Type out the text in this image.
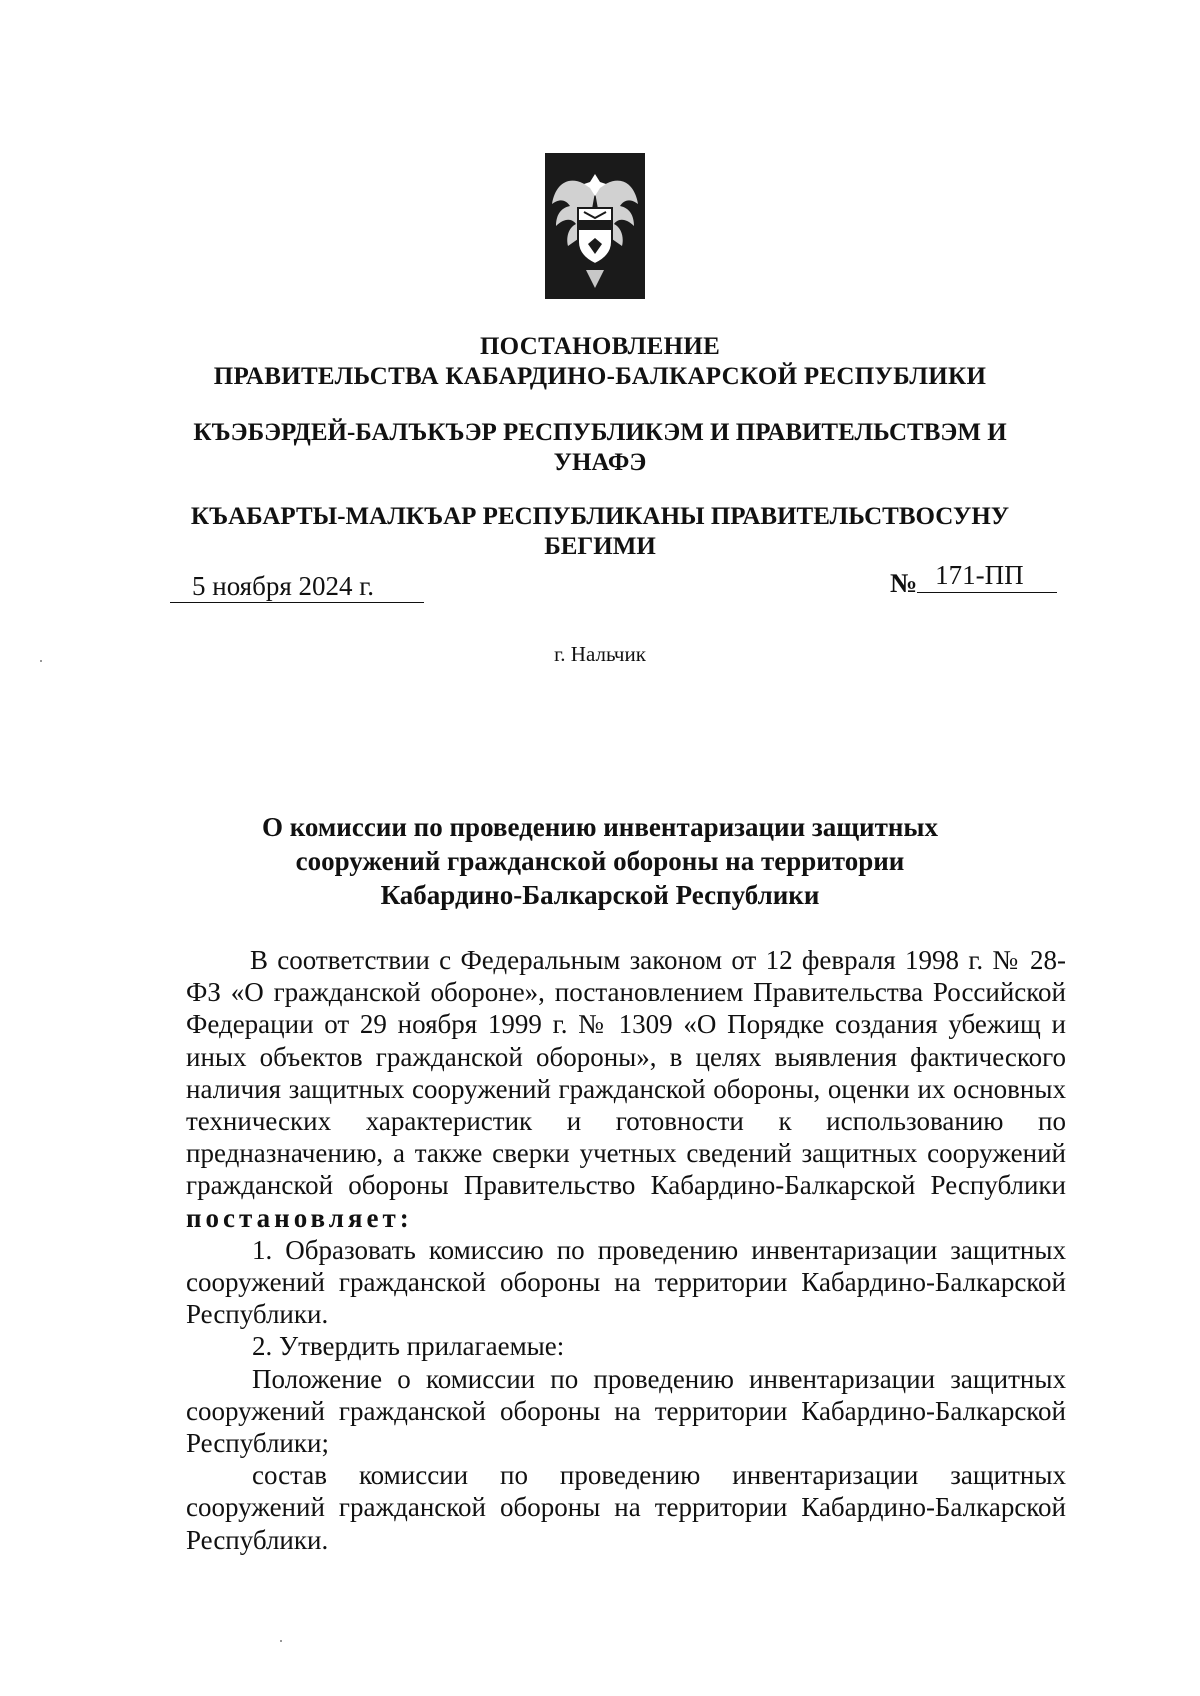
ПОСТАНОВЛЕНИЕ
ПРАВИТЕЛЬСТВА КАБАРДИНО-БАЛКАРСКОЙ РЕСПУБЛИКИ
КЪЭБЭРДЕЙ-БАЛЪКЪЭР РЕСПУБЛИКЭМ И ПРАВИТЕЛЬСТВЭМ И
УНАФЭ
КЪАБАРТЫ-МАЛКЪАР РЕСПУБЛИКАНЫ ПРАВИТЕЛЬСТВОСУНУ
БЕГИМИ
5 ноября 2024 г.	№ 171-ПП
г. Нальчик
О комиссии по проведению инвентаризации защитных
сооружений гражданской обороны на территории
Кабардино-Балкарской Республики

В соответствии с Федеральным законом от 12 февраля 1998 г. № 28-ФЗ «О гражданской обороне», постановлением Правительства Российской Федерации от 29 ноября 1999 г. № 1309 «О Порядке создания убежищ и иных объектов гражданской обороны», в целях выявления фактического наличия защитных сооружений гражданской обороны, оценки их основных технических характеристик и готовности к использованию по предназначению, а также сверки учетных сведений защитных сооружений гражданской обороны Правительство Кабардино-Балкарской Республики постановляет:

1. Образовать комиссию по проведению инвентаризации защитных сооружений гражданской обороны на территории Кабардино-Балкарской Республики.

2. Утвердить прилагаемые:

Положение о комиссии по проведению инвентаризации защитных сооружений гражданской обороны на территории Кабардино-Балкарской Республики;

состав комиссии по проведению инвентаризации защитных сооружений гражданской обороны на территории Кабардино-Балкарской Республики.
